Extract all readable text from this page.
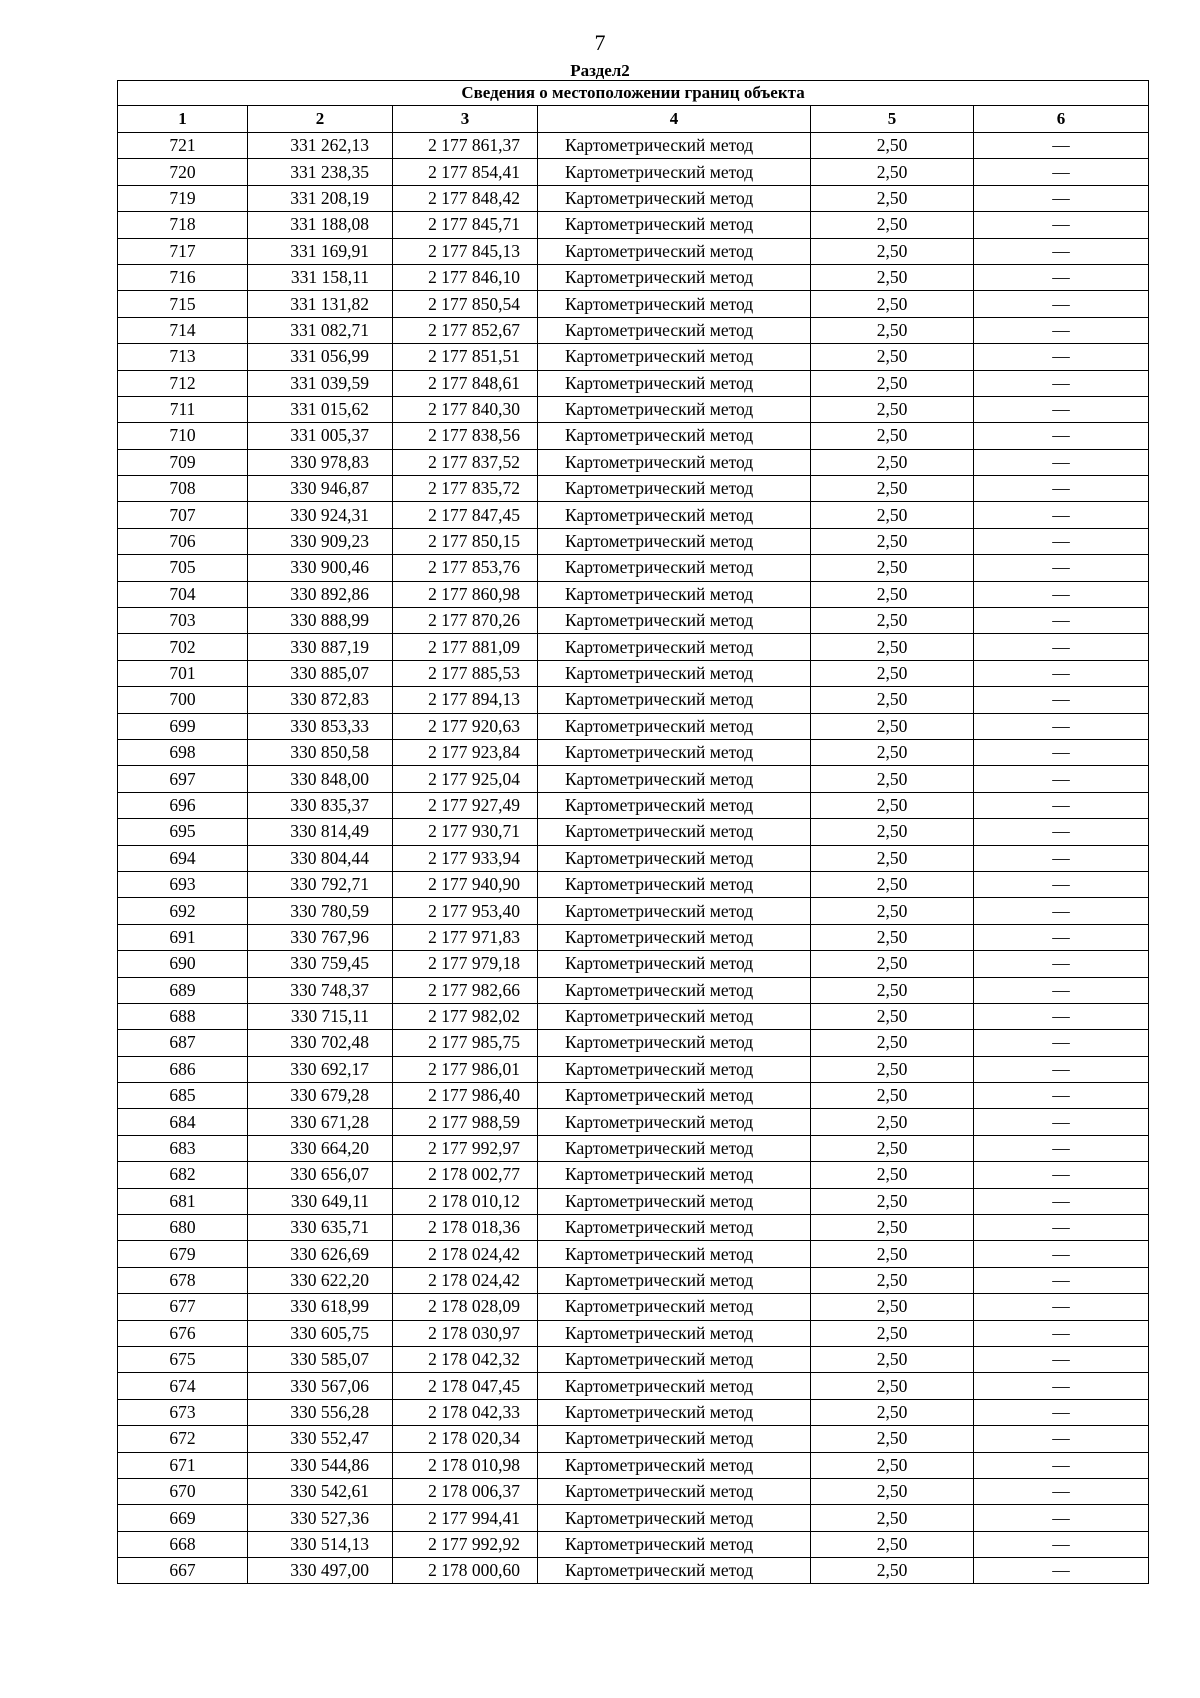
7
Раздел2
Сведения о местоположении границ объекта					
1	2	3	4	5	6
721	331 262,13	2 177 861,37	Картометрический метод	2,50	—
720	331 238,35	2 177 854,41	Картометрический метод	2,50	—
719	331 208,19	2 177 848,42	Картометрический метод	2,50	—
718	331 188,08	2 177 845,71	Картометрический метод	2,50	—
717	331 169,91	2 177 845,13	Картометрический метод	2,50	—
716	331 158,11	2 177 846,10	Картометрический метод	2,50	—
715	331 131,82	2 177 850,54	Картометрический метод	2,50	—
714	331 082,71	2 177 852,67	Картометрический метод	2,50	—
713	331 056,99	2 177 851,51	Картометрический метод	2,50	—
712	331 039,59	2 177 848,61	Картометрический метод	2,50	—
711	331 015,62	2 177 840,30	Картометрический метод	2,50	—
710	331 005,37	2 177 838,56	Картометрический метод	2,50	—
709	330 978,83	2 177 837,52	Картометрический метод	2,50	—
708	330 946,87	2 177 835,72	Картометрический метод	2,50	—
707	330 924,31	2 177 847,45	Картометрический метод	2,50	—
706	330 909,23	2 177 850,15	Картометрический метод	2,50	—
705	330 900,46	2 177 853,76	Картометрический метод	2,50	—
704	330 892,86	2 177 860,98	Картометрический метод	2,50	—
703	330 888,99	2 177 870,26	Картометрический метод	2,50	—
702	330 887,19	2 177 881,09	Картометрический метод	2,50	—
701	330 885,07	2 177 885,53	Картометрический метод	2,50	—
700	330 872,83	2 177 894,13	Картометрический метод	2,50	—
699	330 853,33	2 177 920,63	Картометрический метод	2,50	—
698	330 850,58	2 177 923,84	Картометрический метод	2,50	—
697	330 848,00	2 177 925,04	Картометрический метод	2,50	—
696	330 835,37	2 177 927,49	Картометрический метод	2,50	—
695	330 814,49	2 177 930,71	Картометрический метод	2,50	—
694	330 804,44	2 177 933,94	Картометрический метод	2,50	—
693	330 792,71	2 177 940,90	Картометрический метод	2,50	—
692	330 780,59	2 177 953,40	Картометрический метод	2,50	—
691	330 767,96	2 177 971,83	Картометрический метод	2,50	—
690	330 759,45	2 177 979,18	Картометрический метод	2,50	—
689	330 748,37	2 177 982,66	Картометрический метод	2,50	—
688	330 715,11	2 177 982,02	Картометрический метод	2,50	—
687	330 702,48	2 177 985,75	Картометрический метод	2,50	—
686	330 692,17	2 177 986,01	Картометрический метод	2,50	—
685	330 679,28	2 177 986,40	Картометрический метод	2,50	—
684	330 671,28	2 177 988,59	Картометрический метод	2,50	—
683	330 664,20	2 177 992,97	Картометрический метод	2,50	—
682	330 656,07	2 178 002,77	Картометрический метод	2,50	—
681	330 649,11	2 178 010,12	Картометрический метод	2,50	—
680	330 635,71	2 178 018,36	Картометрический метод	2,50	—
679	330 626,69	2 178 024,42	Картометрический метод	2,50	—
678	330 622,20	2 178 024,42	Картометрический метод	2,50	—
677	330 618,99	2 178 028,09	Картометрический метод	2,50	—
676	330 605,75	2 178 030,97	Картометрический метод	2,50	—
675	330 585,07	2 178 042,32	Картометрический метод	2,50	—
674	330 567,06	2 178 047,45	Картометрический метод	2,50	—
673	330 556,28	2 178 042,33	Картометрический метод	2,50	—
672	330 552,47	2 178 020,34	Картометрический метод	2,50	—
671	330 544,86	2 178 010,98	Картометрический метод	2,50	—
670	330 542,61	2 178 006,37	Картометрический метод	2,50	—
669	330 527,36	2 177 994,41	Картометрический метод	2,50	—
668	330 514,13	2 177 992,92	Картометрический метод	2,50	—
667	330 497,00	2 178 000,60	Картометрический метод	2,50	—
